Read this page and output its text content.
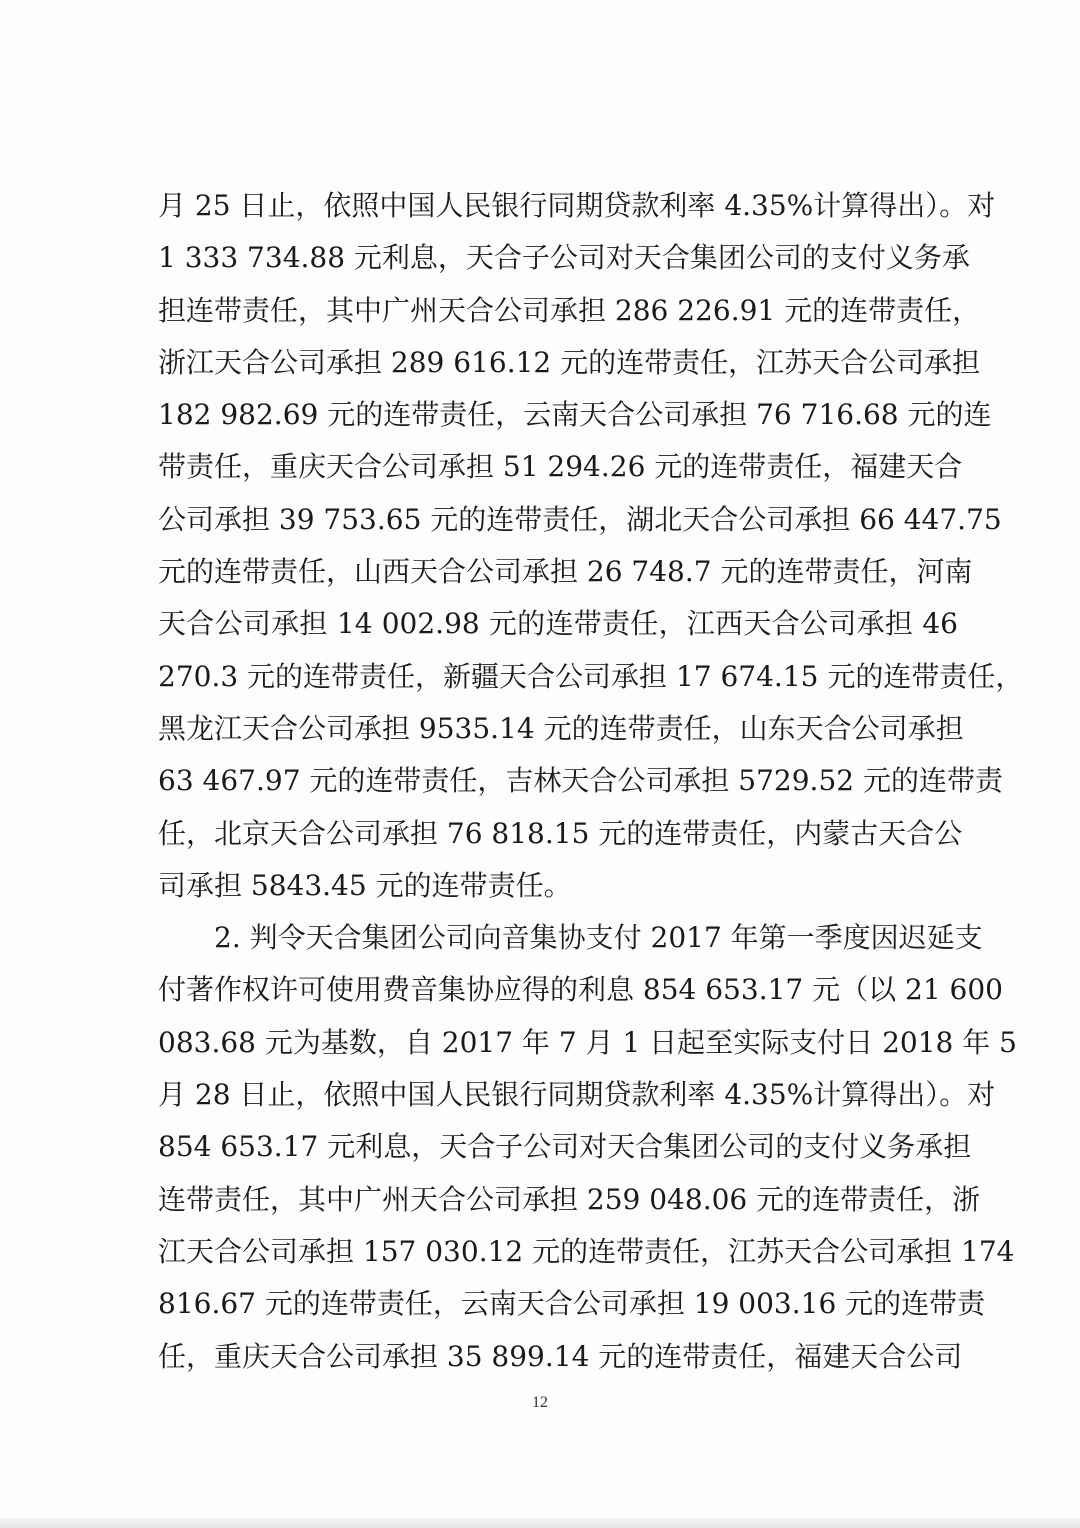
月 25 日止，依照中国人民银行同期贷款利率 4.35%计算得出）。对
1 333 734.88 元利息，天合子公司对天合集团公司的支付义务承
担连带责任，其中广州天合公司承担 286 226.91 元的连带责任，
浙江天合公司承担 289 616.12 元的连带责任，江苏天合公司承担
182 982.69 元的连带责任，云南天合公司承担 76 716.68 元的连
带责任，重庆天合公司承担 51 294.26 元的连带责任，福建天合
公司承担 39 753.65 元的连带责任，湖北天合公司承担 66 447.75
元的连带责任，山西天合公司承担 26 748.7 元的连带责任，河南
天合公司承担 14 002.98 元的连带责任，江西天合公司承担 46
270.3 元的连带责任，新疆天合公司承担 17 674.15 元的连带责任，
黑龙江天合公司承担 9535.14 元的连带责任，山东天合公司承担
63 467.97 元的连带责任，吉林天合公司承担 5729.52 元的连带责
任，北京天合公司承担 76 818.15 元的连带责任，内蒙古天合公
司承担 5843.45 元的连带责任。
2. 判令天合集团公司向音集协支付 2017 年第一季度因迟延支
付著作权许可使用费音集协应得的利息 854 653.17 元（以 21 600
083.68 元为基数，自 2017 年 7 月 1 日起至实际支付日 2018 年 5
月 28 日止，依照中国人民银行同期贷款利率 4.35%计算得出）。对
854 653.17 元利息，天合子公司对天合集团公司的支付义务承担
连带责任，其中广州天合公司承担 259 048.06 元的连带责任，浙
江天合公司承担 157 030.12 元的连带责任，江苏天合公司承担 174
816.67 元的连带责任，云南天合公司承担 19 003.16 元的连带责
任，重庆天合公司承担 35 899.14 元的连带责任，福建天合公司
12
